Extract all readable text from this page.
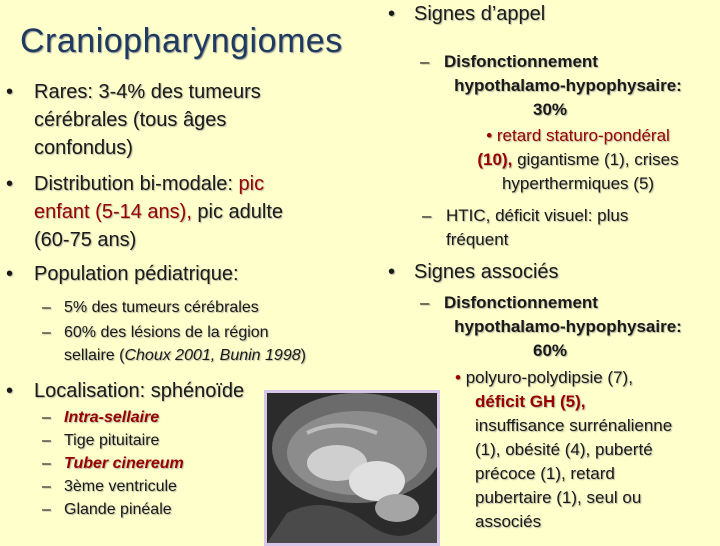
Craniopharyngiomes
• Rares: 3-4% des tumeurs
cérébrales (tous âges
confondus)
• Distribution bi-modale: pic
enfant (5-14 ans), pic adulte
(60-75 ans)
•	Population pédiatrique:
– 5% des tumeurs cérébrales
– 60% des lésions de la région
sellaire (Choux 2001, Bunin 1998)
•	Localisation: sphénoïde
– Intra-sellaire
– Tige pituitaire
– Tuber cinereum
– 3ème ventricule
– Glande pinéale
• Signes d’appel
– Disfonctionnement
hypothalamo-hypophysaire:
30%
• retard staturo-pondéral
(10), gigantisme (1), crises
hyperthermiques (5)
– HTIC, déficit visuel: plus
fréquent
• Signes associés
– Disfonctionnement
hypothalamo-hypophysaire:
60%
• polyuro-polydipsie (7),
déficit GH (5),
insuffisance surrénalienne
(1), obésité (4), puberté
précoce (1), retard
pubertaire (1), seul ou
associés
